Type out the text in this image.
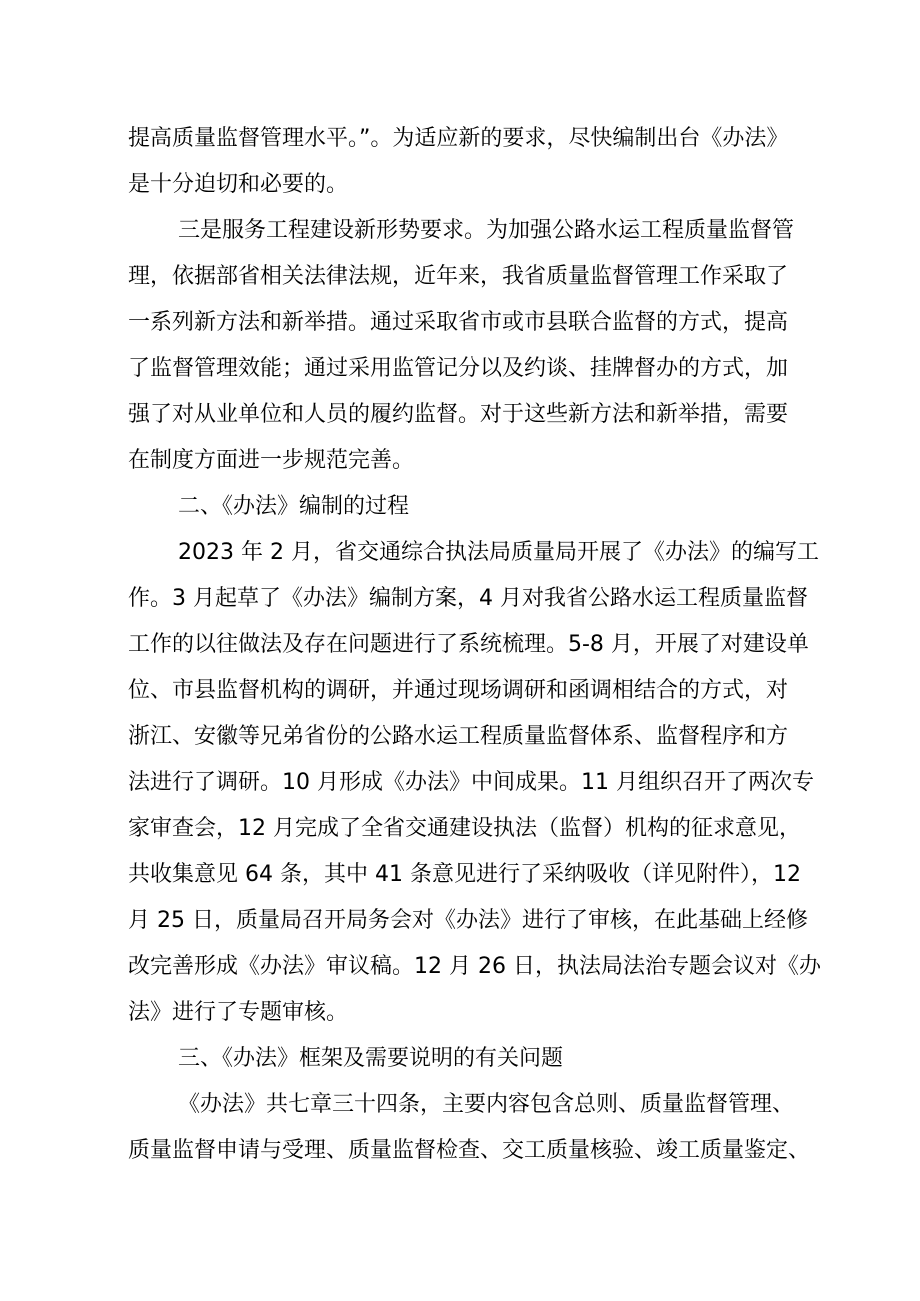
提高质量监督管理水平。”。为适应新的要求，尽快编制出台《办法》
是十分迫切和必要的。
三是服务工程建设新形势要求。为加强公路水运工程质量监督管
理，依据部省相关法律法规，近年来，我省质量监督管理工作采取了
一系列新方法和新举措。通过采取省市或市县联合监督的方式，提高
了监督管理效能；通过采用监管记分以及约谈、挂牌督办的方式，加
强了对从业单位和人员的履约监督。对于这些新方法和新举措，需要
在制度方面进一步规范完善。
二、《办法》编制的过程
2023 年 2 月，省交通综合执法局质量局开展了《办法》的编写工
作。3 月起草了《办法》编制方案，4 月对我省公路水运工程质量监督
工作的以往做法及存在问题进行了系统梳理。5-8 月，开展了对建设单
位、市县监督机构的调研，并通过现场调研和函调相结合的方式，对
浙江、安徽等兄弟省份的公路水运工程质量监督体系、监督程序和方
法进行了调研。10 月形成《办法》中间成果。11 月组织召开了两次专
家审查会，12 月完成了全省交通建设执法（监督）机构的征求意见，
共收集意见 64 条，其中 41 条意见进行了采纳吸收（详见附件），12
月 25 日，质量局召开局务会对《办法》进行了审核，在此基础上经修
改完善形成《办法》审议稿。12 月 26 日，执法局法治专题会议对《办
法》进行了专题审核。
三、《办法》框架及需要说明的有关问题
《办法》共七章三十四条，主要内容包含总则、质量监督管理、
质量监督申请与受理、质量监督检查、交工质量核验、竣工质量鉴定、
